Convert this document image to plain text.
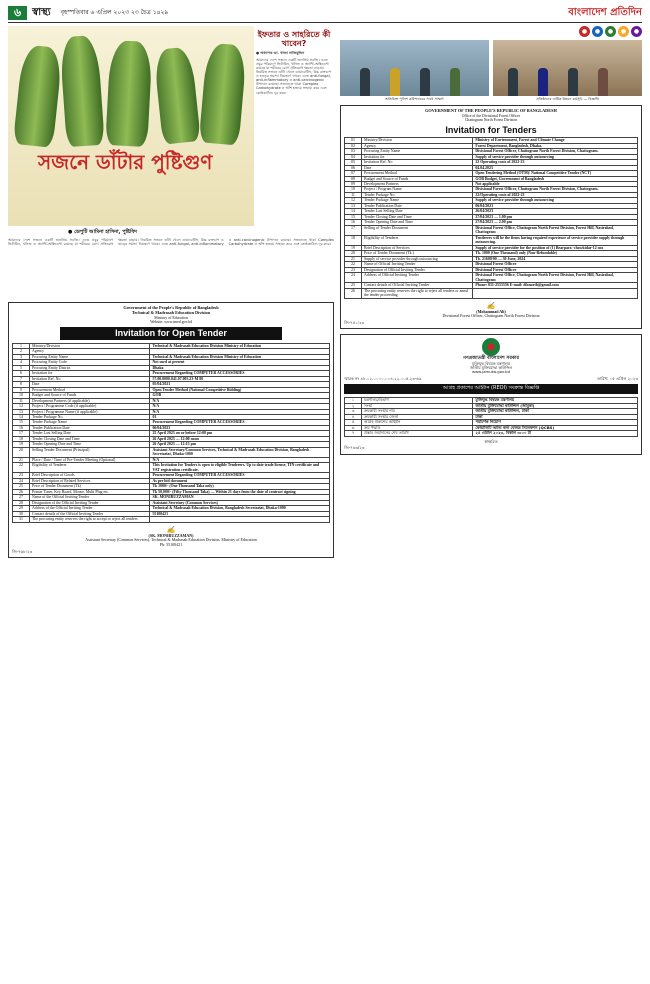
৬	স্বাস্থ্য বৃহস্পতিবার ৬ এপ্রিল ২০২৩ ২৩ চৈত্র ১৪২৯	বাংলাদেশ প্রতিদিন
সজনে ডাঁটার পুষ্টিগুণ
ইফতার ও সাহরিতে কী খাবেন?
● অধ্যাপক ডা. খাজা নাজিমুদ্দিন
আমাদের দেশে সজনে একটি জনপ্রিয় সবজি। এতে প্রচুর পরিমাণে ভিটামিন, খনিজ ও অ্যান্টি-অক্সিডেন্ট রয়েছে যা শরীরের রোগ প্রতিরোধ ক্ষমতা বাড়ায়। নিয়মিত সজনে ডাঁটা খেলে ডায়াবেটিস, উচ্চ রক্তচাপ ও হাড়ের সমস্যা নিয়ন্ত্রণে থাকে। এতে anti-fungal, anti-inflammatory ও anti-carcinogenic উপাদান রয়েছে। সজনেতে থাকা Complex Carbohydrate ও আঁশ হজমে সাহায্য করে এবং কোষ্ঠকাঠিন্য দূর করে।
● ডেপুটি আমিনা হাসিনা, পুষ্টিবিদ
আমাদের দেশে সজনে একটি জনপ্রিয় সবজি। এতে প্রচুর পরিমাণে ভিটামিন, খনিজ ও অ্যান্টি-অক্সিডেন্ট রয়েছে যা শরীরের রোগ প্রতিরোধ ক্ষমতা বাড়ায়। নিয়মিত সজনে ডাঁটা খেলে ডায়াবেটিস, উচ্চ রক্তচাপ ও হাড়ের সমস্যা নিয়ন্ত্রণে থাকে। এতে anti-fungal, anti-inflammatory ও anti-carcinogenic উপাদান রয়েছে। সজনেতে থাকা Complex Carbohydrate ও আঁশ হজমে সাহায্য করে এবং কোষ্ঠকাঠিন্য দূর করে।
Government of the People's Republic of Bangladesh
Technical & Madrasah Education Division
Ministry of Education
Website: www.tmed.gov.bd
Invitation for Open Tender
1	Ministry/Division	Technical & Madrasah Education Division Ministry of Education
2	Agency	
3	Procuring Entity Name	Technical & Madrasah Education Division Ministry of Education
4	Procuring Entity Code	Not used at present
5	Procuring Entity District	Dhaka
6	Invitation for	Procurement Regarding COMPUTER ACCESSORIES
7	Invitation Ref. No	57.00.0000.041.07.003.23-M 80
8	Date	05/04/2023
9	Procurement Method	Open Tender Method (National Competitive Bidding)
10	Budget and Source of Funds	GOB
11	Development Partners (if applicable)	N/A
12	Project / Programme Code (if applicable)	N/A
13	Project / Programme Name (if applicable)	N/A
14	Tender Package No.	01
15	Tender Package Name	Procurement Regarding COMPUTER ACCESSORIES
16	Tender Publication Date	06/04/2023
17	Tender Last Selling Date	25 April 2023 on or before 12:00 pm
18	Tender Closing Date and Time	26 April 2023 — 12:00 noon
19	Tender Opening Date and Time	26 April 2023 — 12:15 pm
20	Selling Tender Document (Principal)	Assistant Secretary/Common Services, Technical & Madrasah Education Division, Bangladesh Secretariat, Dhaka-1000
21	Place / Date / Time of Pre-Tender Meeting (Optional)	N/A
22	Eligibility of Tenderer	This Invitation for Tenders is open to eligible Tenderers. Up to date trade license, TIN certificate and VAT registration certificate.
23	Brief Description of Goods	Procurement Regarding COMPUTER ACCESSORIES
24	Brief Description of Related Services	As per bid document
25	Price of Tender Document (Tk)	Tk 1000/- (One Thousand Taka only)
26	Printer Toner, Key Board, Mouse, Multi Plug etc.	Tk 50,000/- (Fifty Thousand Taka) — Within 21 days from the date of contract signing
27	Name of the Official Inviting Tender	SK. MONIRUZZAMAN
28	Designation of the Official Inviting Tender	Assistant Secretary (Common Services)
29	Address of the Official Inviting Tender	Technical & Madrasah Education Division, Bangladesh Secretariat, Dhaka-1000
30	Contact details of the Official Inviting Tender	55100421
31	The procuring entity reserves the right to accept or reject all tenders	
✍
(SK. MONIRUZZAMAN)
Assistant Secretary (Common Services), Technical & Madrasah Education Division, Ministry of Education
Ph: 55100421
জি-৭৬৮/২৩
●	●	●	●	●
অতিরিক্ত পুলিশ কমিশনারের সাথে সাক্ষাৎ	প্রতিষ্ঠানের বার্ষিক উন্নয়ন কর্মসূচি — বিজ্ঞপ্তি
GOVERNMENT OF THE PEOPLE'S REPUBLIC OF BANGLADESH
Office of the Divisional Forest Officer
Chattogram North Forest Division
Invitation for Tenders
01	Ministry/Division	Ministry of Environment, Forest and Climate Change
02	Agency	Forest Department, Bangladesh, Dhaka.
03	Procuring Entity Name	Divisional Forest Officer, Chattogram North Forest Division, Chattogram.
04	Invitation for	Supply of service provider through outsourcing
05	Invitation Ref. No	22 Operating costs of 2022-23
06	Date	04.04.2023
07	Procurement Method	Open Tendering Method (OTM)/ National Competitive Tender (NCT)
08	Budget and Source of Funds	GOB Budget, Government of Bangladesh
09	Development Partners	Not applicable
10	Project / Program Name	Divisional Forest Officer, Chattogram North Forest Division, Chattogram.
11	Tender Package No.	22/Operating costs of 2022-23
12	Tender Package Name	Supply of service provider through outsourcing
13	Tender Publication Date	06/04/2023
14	Tender Last Selling Date	26/04/2023
15	Tender Closing Date and Time	27/04/2023 — 1.00 pm
16	Tender Opening Date and Time	27/04/2023 — 2.00 pm
17	Selling of Tender Document	Divisional Forest Office, Chattogram North Forest Division, Forest Hill, Nasirabad, Chattogram
18	Eligibility of Tenderer	Tenderers will be the firms having required experience of service provider supply through outsourcing.
19	Brief Description of Services	Supply of service provider for the position of (1) Bearpara -chowkidar-12 nos
20	Price of Tender Document (Tk.)	Tk. 1000 (One Thousand) only (Non-Refundable)
21	Supply of service provider through outsourcing	Tk. 21600/00 — 30 June, 2024
22	Name of Official Inviting Tender	Divisional Forest Officer
23	Designation of Official Inviting Tender	Divisional Forest Officer
24	Address of Official Inviting Tender	Divisional Forest Office, Chattogram North Forest Division, Forest Hill, Nasirabad, Chattogram
25	Contact details of Official Inviting Tender	Phone: 031-2555556 E-mail: dfonorth@gmail.com
26	The procuring entity reserves the right to reject all tenders or annul the tender proceeding	
✍
(Mohammad Ali)
Divisional Forest Officer, Chattogram North Forest Division
জি-৭৫১/২৩
গণপ্রজাতন্ত্রী বাংলাদেশ সরকার
মুক্তিযুদ্ধ বিষয়ক মন্ত্রণালয়
জাতীয় মুক্তিযোদ্ধা কাউন্সিল
www.jamuka.gov.bd
স্মারক নং ৪৮.০২.০০০০.০০৪.২২.০০৫.২৩-৬৯	তারিখ: ০৫ এপ্রিল ২০২৩
আগ্রহ প্রকাশের আহ্বান (REOI) সংক্রান্ত বিজ্ঞপ্তি
১	মন্ত্রণালয়/বিভাগ	মুক্তিযুদ্ধ বিষয়ক মন্ত্রণালয়
২	সংস্থা	জাতীয় মুক্তিযোদ্ধা কাউন্সিল (জামুকা)
৩	ক্রয়কারী সংস্থার নাম	জাতীয় মুক্তিযোদ্ধা কাউন্সিল, ঢাকা
৪	ক্রয়কারী সংস্থার জেলা	ঢাকা
৫	আগ্রহ প্রকাশের আহ্বান	পরামর্শক নিয়োগ
৬	ক্রয় পদ্ধতি	কোয়ালিটি অ্যান্ড কস্ট বেজড সিলেকশন (QCBS)
৭	প্রস্তাব জমাদানের শেষ তারিখ	২৫ এপ্রিল ২০২৩, বিকাল ৩:০০ টা
স্বাক্ষরিত
জি-৭৬৩/২৩
